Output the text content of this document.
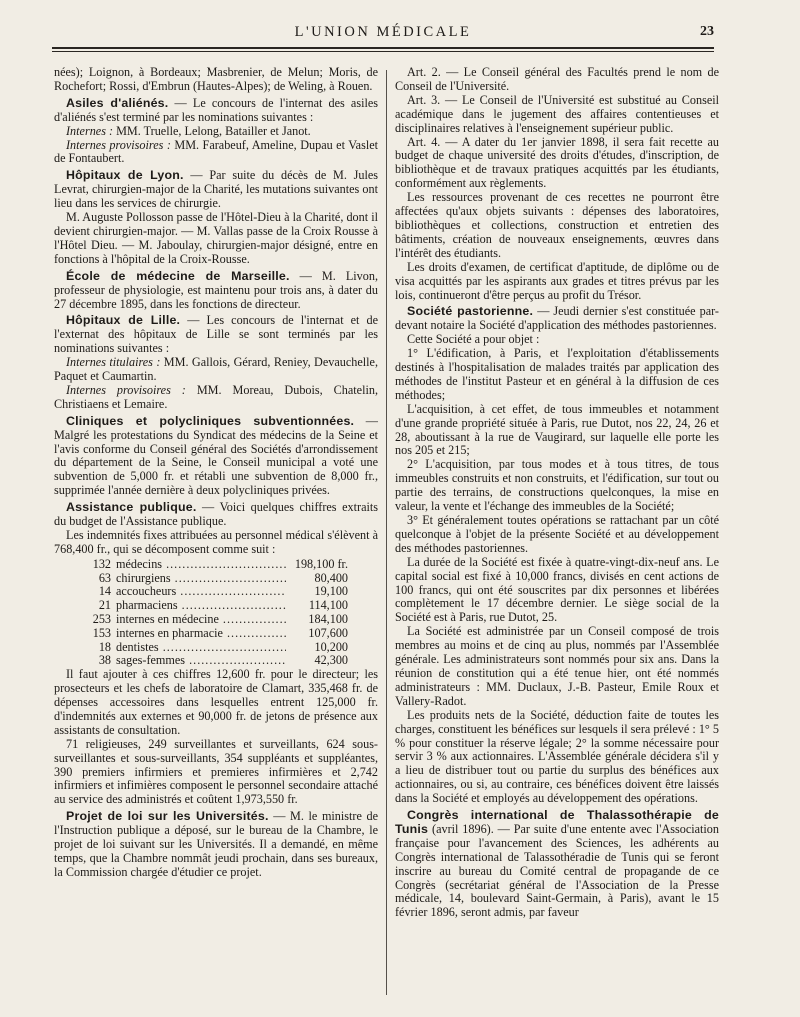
L'UNION MÉDICALE	23

nées); Loignon, à Bordeaux; Masbrenier, de Melun; Moris, de Rochefort; Rossi, d'Embrun (Hautes-Alpes); de Weling, à Rouen.

Asiles d'aliénés. — Le concours de l'internat des asiles d'aliénés s'est terminé par les nominations suivantes :

Internes : MM. Truelle, Lelong, Batailler et Janot.

Internes provisoires : MM. Farabeuf, Ameline, Dupau et Vaslet de Fontaubert.

Hôpitaux de Lyon. — Par suite du décès de M. Jules Levrat, chirurgien-major de la Charité, les mutations suivantes ont lieu dans les services de chirurgie.

M. Auguste Pollosson passe de l'Hôtel-Dieu à la Charité, dont il devient chirurgien-major. — M. Vallas passe de la Croix Rousse à l'Hôtel Dieu. — M. Jaboulay, chirurgien-major désigné, entre en fonctions à l'hôpital de la Croix-Rousse.

École de médecine de Marseille. — M. Livon, professeur de physiologie, est maintenu pour trois ans, à dater du 27 décembre 1895, dans les fonctions de directeur.

Hôpitaux de Lille. — Les concours de l'internat et de l'externat des hôpitaux de Lille se sont terminés par les nominations suivantes :

Internes titulaires : MM. Gallois, Gérard, Reniey, Devauchelle, Paquet et Caumartin.

Internes provisoires : MM. Moreau, Dubois, Chatelin, Christiaens et Lemaire.

Cliniques et polycliniques subventionnées. — Malgré les protestations du Syndicat des médecins de la Seine et l'avis conforme du Conseil général des Sociétés d'arrondissement du département de la Seine, le Conseil municipal a voté une subvention de 5,000 fr. et rétabli une subvention de 8,000 fr., supprimée l'année dernière à deux polycliniques privées.

Assistance publique. — Voici quelques chiffres extraits du budget de l'Assistance publique.

Les indemnités fixes attribuées au personnel médical s'élèvent à 768,400 fr., qui se décomposent comme suit :

132 médecins .....	198,100 fr.
63 chirurgiens .....	80,400
14 accoucheurs .....	19,100
21 pharmaciens .....	114,100
253 internes en médecine .....	184,100
153 internes en pharmacie .....	107,600
18 dentistes .....	10,200
38 sages-femmes .....	42,300

Il faut ajouter à ces chiffres 12,600 fr. pour le directeur; les prosecteurs et les chefs de laboratoire de Clamart, 335,468 fr. de dépenses accessoires dans lesquelles entrent 125,000 fr. d'indemnités aux externes et 90,000 fr. de jetons de présence aux assistants de consultation.

71 religieuses, 249 surveillantes et surveillants, 624 sous-surveillantes et sous-surveillants, 354 suppléants et suppléantes, 390 premiers infirmiers et premieres infirmières et 2,742 infirmiers et infimières composent le personnel secondaire attaché au service des administrés et coûtent 1,973,550 fr.

Projet de loi sur les Universités. — M. le ministre de l'Instruction publique a déposé, sur le bureau de la Chambre, le projet de loi suivant sur les Universités. Il a demandé, en même temps, que la Chambre nommât jeudi prochain, dans ses bureaux, la Commission chargée d'étudier ce projet.

Art. 2. — Le Conseil général des Facultés prend le nom de Conseil de l'Université.

Art. 3. — Le Conseil de l'Université est substitué au Conseil académique dans le jugement des affaires contentieuses et disciplinaires relatives à l'enseignement supérieur public.

Art. 4. — A dater du 1er janvier 1898, il sera fait recette au budget de chaque université des droits d'études, d'inscription, de bibliothèque et de travaux pratiques acquittés par les étudiants, conformément aux règlements.

Les ressources provenant de ces recettes ne pourront être affectées qu'aux objets suivants : dépenses des laboratoires, bibliothèques et collections, construction et entretien des bâtiments, création de nouveaux enseignements, œuvres dans l'intérêt des étudiants.

Les droits d'examen, de certificat d'aptitude, de diplôme ou de visa acquittés par les aspirants aux grades et titres prévus par les lois, continueront d'être perçus au profit du Trésor.

Société pastorienne. — Jeudi dernier s'est constituée par-devant notaire la Société d'application des méthodes pastoriennes.

Cette Société a pour objet :

1° L'édification, à Paris, et l'exploitation d'établissements destinés à l'hospitalisation de malades traités par application des méthodes de l'institut Pasteur et en général à la diffusion de ces méthodes;

L'acquisition, à cet effet, de tous immeubles et notamment d'une grande propriété située à Paris, rue Dutot, nos 22, 24, 26 et 28, aboutissant à la rue de Vaugirard, sur laquelle elle porte les nos 205 et 215;

2° L'acquisition, par tous modes et à tous titres, de tous immeubles construits et non construits, et l'édification, sur tout ou partie des terrains, de constructions quelconques, la mise en valeur, la vente et l'échange des immeubles de la Société;

3° Et généralement toutes opérations se rattachant par un côté quelconque à l'objet de la présente Société et au développement des méthodes pastoriennes.

La durée de la Société est fixée à quatre-vingt-dix-neuf ans. Le capital social est fixé à 10,000 francs, divisés en cent actions de 100 francs, qui ont été souscrites par dix personnes et libérées complètement le 17 décembre dernier. Le siège social de la Société est à Paris, rue Dutot, 25.

La Société est administrée par un Conseil composé de trois membres au moins et de cinq au plus, nommés par l'Assemblée générale. Les administrateurs sont nommés pour six ans. Dans la réunion de constitution qui a été tenue hier, ont été nommés administrateurs : MM. Duclaux, J.-B. Pasteur, Emile Roux et Vallery-Radot.

Les produits nets de la Société, déduction faite de toutes les charges, constituent les bénéfices sur lesquels il sera prélevé : 1° 5 % pour constituer la réserve légale; 2° la somme nécessaire pour servir 3 % aux actionnaires. L'Assemblée générale décidera s'il y a lieu de distribuer tout ou partie du surplus des bénéfices aux actionnaires, ou si, au contraire, ces bénéfices doivent être laissés dans la Société et employés au développement des opérations.

Congrès international de Thalassothérapie de Tunis (avril 1896). — Par suite d'une entente avec l'Association française pour l'avancement des Sciences, les adhérents au Congrès international de Talassothéradie de Tunis qui se feront inscrire au bureau du Comité central de propagande de ce Congrès (secrétariat général de l'Association de la Presse médicale, 14, boulevard Saint-Germain, à Paris), avant le 15 février 1896, seront admis, par faveur
